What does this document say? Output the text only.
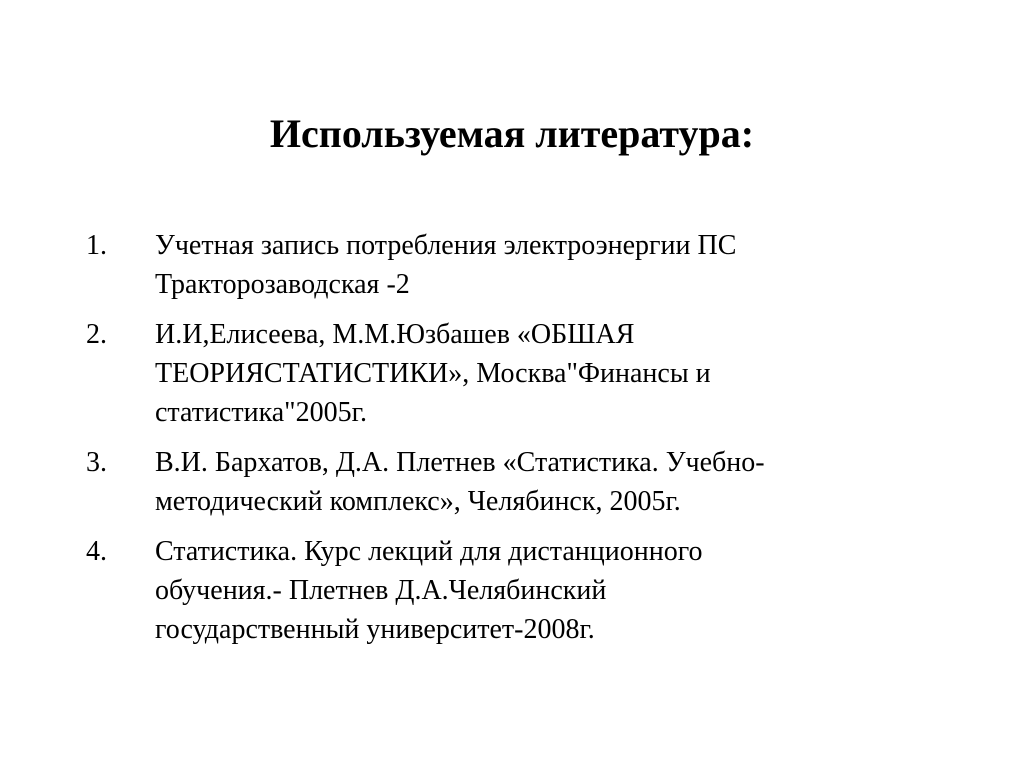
Используемая литература:
1. Учетная запись потребления электроэнергии ПС
Тракторозаводская -2
2. И.И,Елисеева, М.М.Юзбашев «ОБШАЯ
ТЕОРИЯСТАТИСТИКИ», Москва"Финансы и
статистика"2005г.
3. В.И. Бархатов, Д.А. Плетнев «Статистика. Учебно-
методический комплекс», Челябинск, 2005г.
4. Статистика. Курс лекций для дистанционного
обучения.- Плетнев Д.А.Челябинский
государственный университет-2008г.
